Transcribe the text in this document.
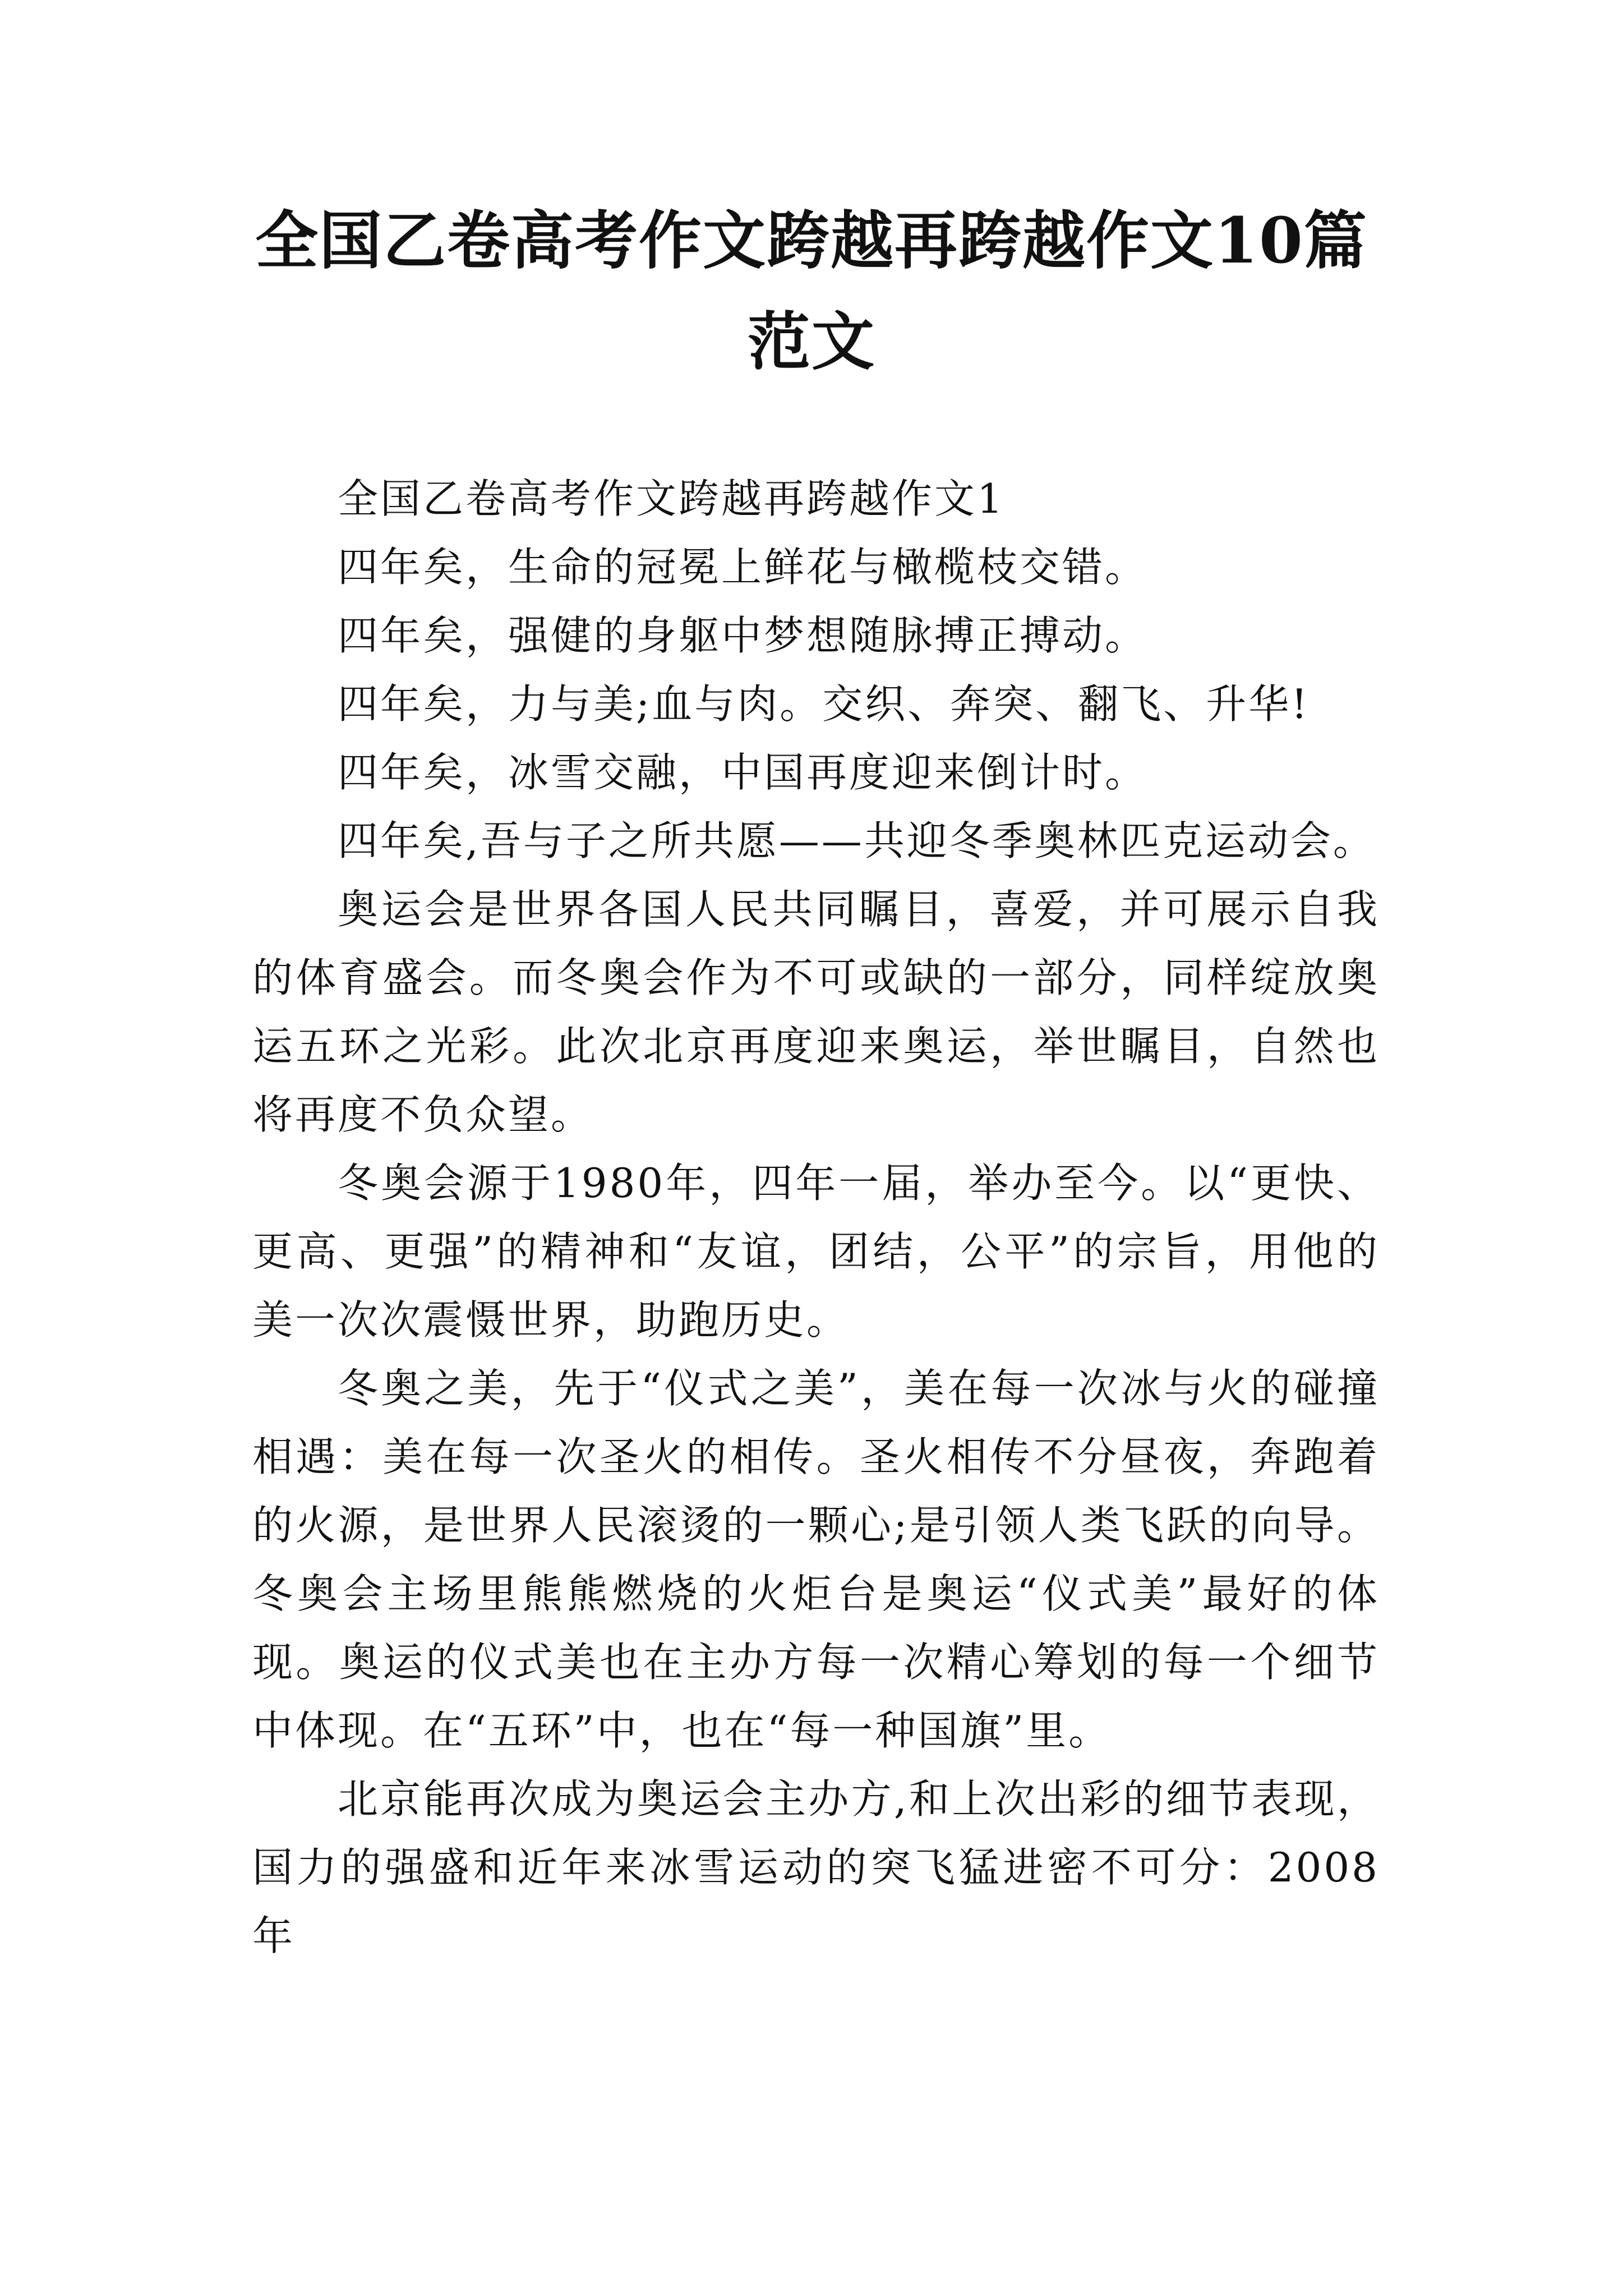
全国乙卷高考作文跨越再跨越作文10篇范文

全国乙卷高考作文跨越再跨越作文1

四年矣，生命的冠冕上鲜花与橄榄枝交错。

四年矣，强健的身躯中梦想随脉搏正搏动。

四年矣，力与美;血与肉。交织、奔突、翻飞、升华!

四年矣，冰雪交融，中国再度迎来倒计时。

四年矣,吾与子之所共愿——共迎冬季奥林匹克运动会。

奥运会是世界各国人民共同瞩目，喜爱，并可展示自我的体育盛会。而冬奥会作为不可或缺的一部分，同样绽放奥运五环之光彩。此次北京再度迎来奥运，举世瞩目，自然也将再度不负众望。

冬奥会源于1980年，四年一届，举办至今。以“更快、更高、更强”的精神和“友谊，团结，公平”的宗旨，用他的美一次次震慑世界，助跑历史。

冬奥之美，先于“仪式之美”，美在每一次冰与火的碰撞相遇：美在每一次圣火的相传。圣火相传不分昼夜，奔跑着的火源，是世界人民滚烫的一颗心;是引领人类飞跃的向导。冬奥会主场里熊熊燃烧的火炬台是奥运“仪式美”最好的体现。奥运的仪式美也在主办方每一次精心筹划的每一个细节中体现。在“五环”中，也在“每一种国旗”里。

北京能再次成为奥运会主办方,和上次出彩的细节表现，国力的强盛和近年来冰雪运动的突飞猛进密不可分：2008年
